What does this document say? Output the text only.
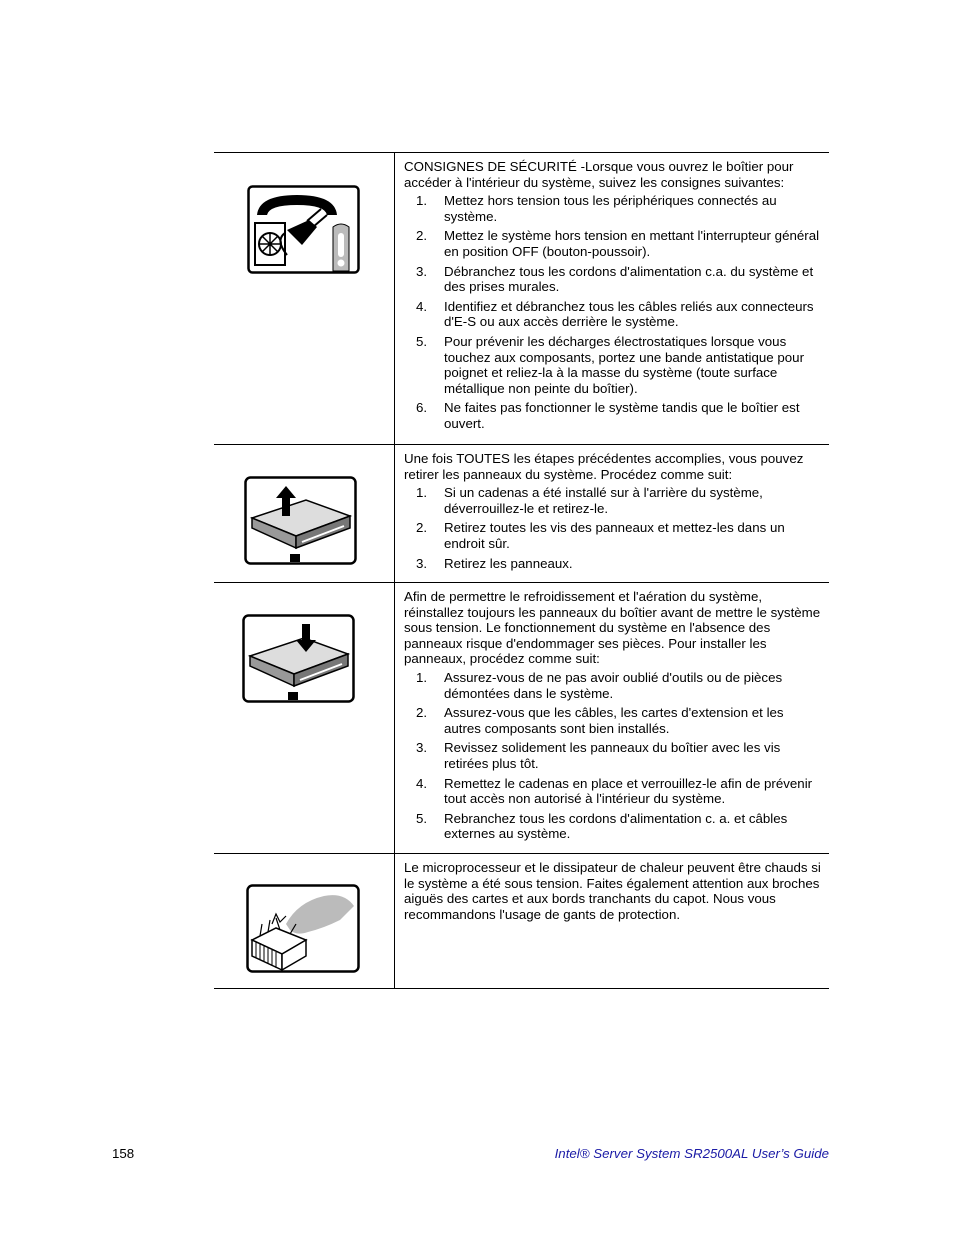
CONSIGNES DE SÉCURITÉ -Lorsque vous ouvrez le boîtier pour accéder à l'intérieur du système, suivez les consignes suivantes:

1.	Mettez hors tension tous les périphériques connectés au système.
2.	Mettez le système hors tension en mettant l'interrupteur général en position OFF (bouton-poussoir).
3.	Débranchez tous les cordons d'alimentation c.a. du système et des prises murales.
4.	Identifiez et débranchez tous les câbles reliés aux connecteurs d'E-S ou aux accès derrière le système.
5.	Pour prévenir les décharges électrostatiques lorsque vous touchez aux composants, portez une bande antistatique pour poignet et reliez-la à la masse du système (toute surface métallique non peinte du boîtier).
6.	Ne faites pas fonctionner le système tandis que le boîtier est ouvert.

Une fois TOUTES les étapes précédentes accomplies, vous pouvez retirer les panneaux du système. Procédez comme suit:

1.	Si un cadenas a été installé sur à l'arrière du système, déverrouillez-le et retirez-le.
2.	Retirez toutes les vis des panneaux et mettez-les dans un endroit sûr.
3.	Retirez les panneaux.

Afin de permettre le refroidissement et l'aération du système, réinstallez toujours les panneaux du boîtier avant de mettre le système sous tension. Le fonctionnement du système en l'absence des panneaux risque d'endommager ses pièces. Pour installer les panneaux, procédez comme suit:

1.	Assurez-vous de ne pas avoir oublié d'outils ou de pièces démontées dans le système.
2.	Assurez-vous que les câbles, les cartes d'extension et les autres composants sont bien installés.
3.	Revissez solidement les panneaux du boîtier avec les vis retirées plus tôt.
4.	Remettez le cadenas en place et verrouillez-le afin de prévenir tout accès non autorisé à l'intérieur du système.
5.	Rebranchez tous les cordons d'alimentation c. a. et câbles externes au système.

Le microprocesseur et le dissipateur de chaleur peuvent être chauds si le système a été sous tension. Faites également attention aux broches aiguës des cartes et aux bords tranchants du capot. Nous vous recommandons l'usage de gants de protection.

158	Intel® Server System SR2500AL User’s Guide
